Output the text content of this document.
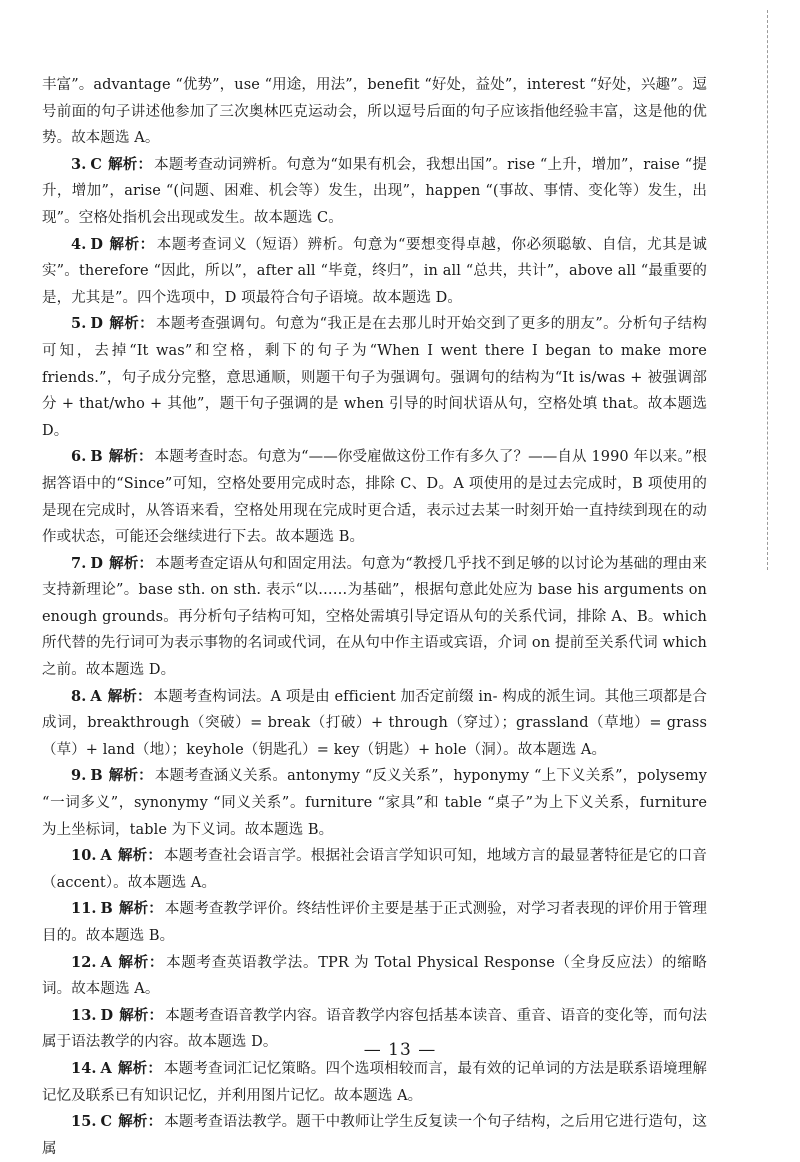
丰富”。advantage “优势”，use “用途，用法”，benefit “好处，益处”，interest “好处，兴趣”。逗号前面的句子讲述他参加了三次奥林匹克运动会，所以逗号后面的句子应该指他经验丰富，这是他的优势。故本题选 A。

3. C 解析： 本题考查动词辨析。句意为“如果有机会，我想出国”。rise “上升，增加”，raise “提升，增加”，arise “(问题、困难、机会等）发生，出现”，happen “(事故、事情、变化等）发生，出现”。空格处指机会出现或发生。故本题选 C。

4. D 解析： 本题考查词义（短语）辨析。句意为“要想变得卓越，你必须聪敏、自信，尤其是诚实”。therefore “因此，所以”，after all “毕竟，终归”，in all “总共，共计”，above all “最重要的是，尤其是”。四个选项中，D 项最符合句子语境。故本题选 D。

5. D 解析： 本题考查强调句。句意为“我正是在去那儿时开始交到了更多的朋友”。分析句子结构可知，去掉“It was”和空格，剩下的句子为“When I went there I began to make more friends.”，句子成分完整，意思通顺，则题干句子为强调句。强调句的结构为“It is/was + 被强调部分 + that/who + 其他”，题干句子强调的是 when 引导的时间状语从句，空格处填 that。故本题选 D。

6. B 解析： 本题考查时态。句意为“——你受雇做这份工作有多久了？——自从 1990 年以来。”根据答语中的“Since”可知，空格处要用完成时态，排除 C、D。A 项使用的是过去完成时，B 项使用的是现在完成时，从答语来看，空格处用现在完成时更合适，表示过去某一时刻开始一直持续到现在的动作或状态，可能还会继续进行下去。故本题选 B。

7. D 解析： 本题考查定语从句和固定用法。句意为“教授几乎找不到足够的以讨论为基础的理由来支持新理论”。base sth. on sth. 表示“以……为基础”，根据句意此处应为 base his arguments on enough grounds。再分析句子结构可知，空格处需填引导定语从句的关系代词，排除 A、B。which 所代替的先行词可为表示事物的名词或代词，在从句中作主语或宾语，介词 on 提前至关系代词 which 之前。故本题选 D。

8. A 解析： 本题考查构词法。A 项是由 efficient 加否定前缀 in- 构成的派生词。其他三项都是合成词，breakthrough（突破）= break（打破）+ through（穿过）；grassland（草地）= grass（草）+ land（地）；keyhole（钥匙孔）= key（钥匙）+ hole（洞）。故本题选 A。

9. B 解析： 本题考查涵义关系。antonymy “反义关系”，hyponymy “上下义关系”，polysemy “一词多义”，synonymy “同义关系”。furniture “家具”和 table “桌子”为上下义关系，furniture 为上坐标词，table 为下义词。故本题选 B。

10. A 解析： 本题考查社会语言学。根据社会语言学知识可知，地域方言的最显著特征是它的口音（accent）。故本题选 A。

11. B 解析： 本题考查教学评价。终结性评价主要是基于正式测验，对学习者表现的评价用于管理目的。故本题选 B。

12. A 解析： 本题考查英语教学法。TPR 为 Total Physical Response（全身反应法）的缩略词。故本题选 A。

13. D 解析： 本题考查语音教学内容。语音教学内容包括基本读音、重音、语音的变化等，而句法属于语法教学的内容。故本题选 D。

14. A 解析： 本题考查词汇记忆策略。四个选项相较而言，最有效的记单词的方法是联系语境理解记忆及联系已有知识记忆，并利用图片记忆。故本题选 A。

15. C 解析： 本题考查语法教学。题干中教师让学生反复读一个句子结构，之后用它进行造句，这属

— 13 —
